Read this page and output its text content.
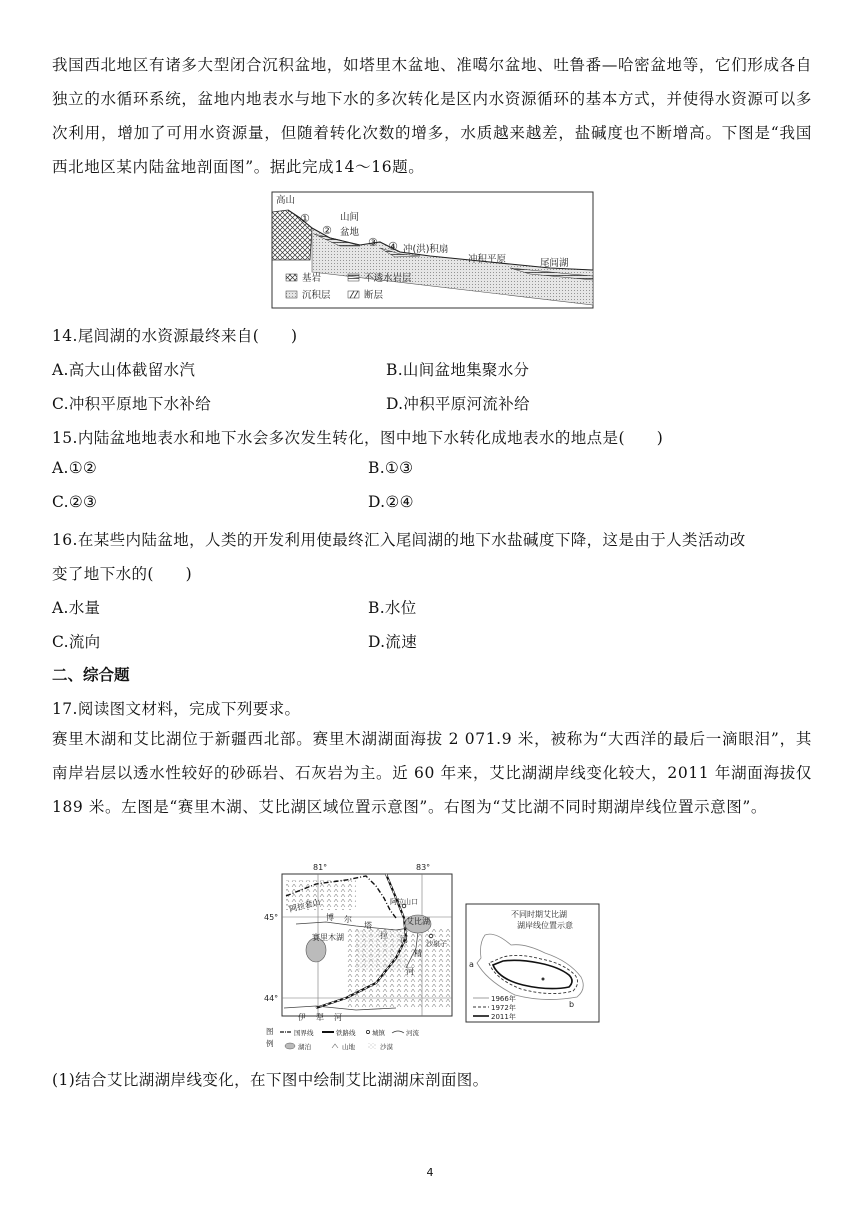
我国西北地区有诸多大型闭合沉积盆地，如塔里木盆地、准噶尔盆地、吐鲁番—哈密盆地等，它们形成各自独立的水循环系统，盆地内地表水与地下水的多次转化是区内水资源循环的基本方式，并使得水资源可以多次利用，增加了可用水资源量，但随着转化次数的增多，水质越来越差，盐碱度也不断增高。下图是“我国西北地区某内陆盆地剖面图”。据此完成14～16题。
高山
①
②
山间
盆地
③ ④ 冲(洪)积扇
冲积平原	尾闾湖
基岩	不透水岩层
沉积层	断层
14.尾闾湖的水资源最终来自(　　)
A.高大山体截留水汽	B.山间盆地集聚水分
C.冲积平原地下水补给	D.冲积平原河流补给
15.内陆盆地地表水和地下水会多次发生转化，图中地下水转化成地表水的地点是(　　)
A.①②	B.①③
C.②③	D.②④
16.在某些内陆盆地，人类的开发利用使最终汇入尾闾湖的地下水盐碱度下降，这是由于人类活动改
变了地下水的(　　)
A.水量	B.水位
C.流向	D.流速
二、综合题
17.阅读图文材料，完成下列要求。
赛里木湖和艾比湖位于新疆西北部。赛里木湖湖面海拔 2 071.9 米，被称为“大西洋的最后一滴眼泪”，其南岸岩层以透水性较好的砂砾岩、石灰岩为主。近 60 年来，艾比湖湖岸线变化较大，2011 年湖面海拔仅 189 米。左图是“赛里木湖、艾比湖区域位置示意图”。右图为“艾比湖不同时期湖岸线位置示意图”。
81°	83°
45°
44°
阿拉套山
博 尔
塔
拉 河
精
河
赛里木湖
艾比湖
阿拉山口
沙泉子
伊 犁 河
图
例
国界线	铁路线	城镇	河流
湖泊	山地	沙漠
不同时期艾比湖
湖岸线位置示意
a
b
1966年
1972年
2011年
(1)结合艾比湖湖岸线变化，在下图中绘制艾比湖湖床剖面图。
4
